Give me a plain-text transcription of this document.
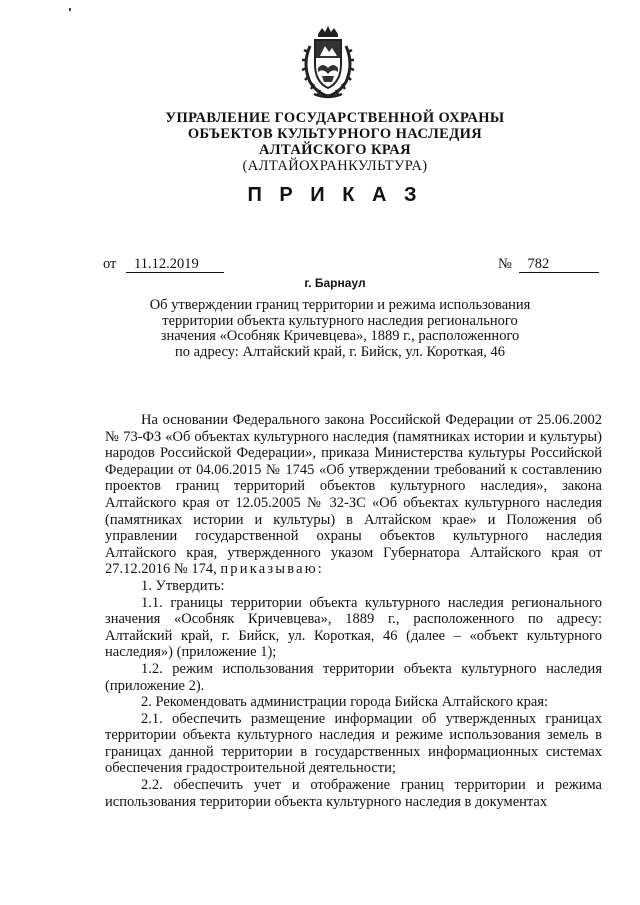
УПРАВЛЕНИЕ ГОСУДАРСТВЕННОЙ ОХРАНЫ
ОБЪЕКТОВ КУЛЬТУРНОГО НАСЛЕДИЯ
АЛТАЙСКОГО КРАЯ
(АЛТАЙОХРАНКУЛЬТУРА)
П Р И К А З
от 11.12.2019	№ 782
г. Барнаул
Об утверждении границ территории и режима использования
территории объекта культурного наследия регионального
значения «Особняк Кричевцева», 1889 г., расположенного
по адресу: Алтайский край, г. Бийск, ул. Короткая, 46

На основании Федерального закона Российской Федерации от 25.06.2002 № 73-ФЗ «Об объектах культурного наследия (памятниках истории и культуры) народов Российской Федерации», приказа Министерства культуры Российской Федерации от 04.06.2015 № 1745 «Об утверждении требований к составлению проектов границ территорий объектов культурного наследия», закона Алтайского края от 12.05.2005 № 32-ЗС «Об объектах культурного наследия (памятниках истории и культуры) в Алтайском крае» и Положения об управлении государственной охраны объектов культурного наследия Алтайского края, утвержденного указом Губернатора Алтайского края от 27.12.2016 № 174, приказываю:

1. Утвердить:

1.1. границы территории объекта культурного наследия регионального значения «Особняк Кричевцева», 1889 г., расположенного по адресу: Алтайский край, г. Бийск, ул. Короткая, 46 (далее – «объект культурного наследия») (приложение 1);

1.2. режим использования территории объекта культурного наследия (приложение 2).

2. Рекомендовать администрации города Бийска Алтайского края:

2.1. обеспечить размещение информации об утвержденных границах территории объекта культурного наследия и режиме использования земель в границах данной территории в государственных информационных системах обеспечения градостроительной деятельности;

2.2. обеспечить учет и отображение границ территории и режима использования территории объекта культурного наследия в документах
